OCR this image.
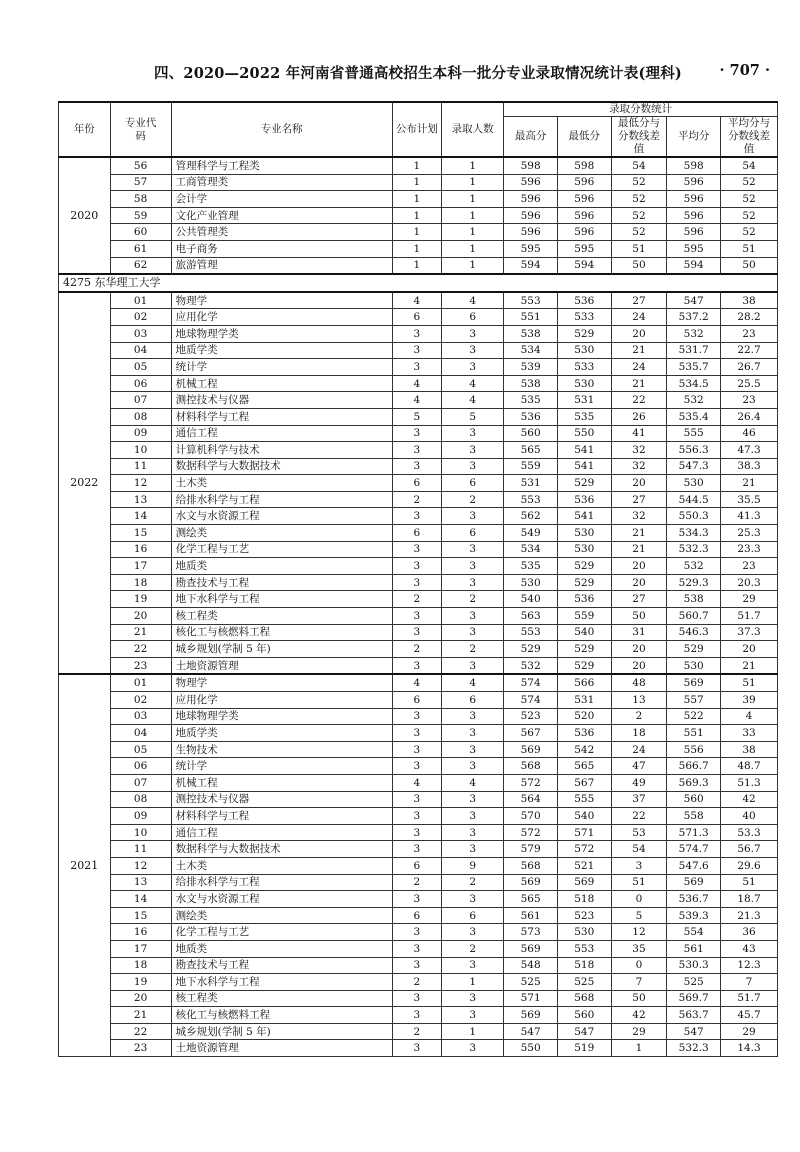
四、2020—2022 年河南省普通高校招生本科一批分专业录取情况统计表(理科)	· 707 ·
年份	专业代码	专业名称	公布计划	录取人数	录取分数统计				
					最高分	最低分	最低分与分数线差值	平均分	平均分与分数线差值
2020	56	管理科学与工程类	1	1	598	598	54	598	54
	57	工商管理类	1	1	596	596	52	596	52
	58	会计学	1	1	596	596	52	596	52
	59	文化产业管理	1	1	596	596	52	596	52
	60	公共管理类	1	1	596	596	52	596	52
	61	电子商务	1	1	595	595	51	595	51
	62	旅游管理	1	1	594	594	50	594	50
4275 东华理工大学									
2022	01	物理学	4	4	553	536	27	547	38
	02	应用化学	6	6	551	533	24	537.2	28.2
	03	地球物理学类	3	3	538	529	20	532	23
	04	地质学类	3	3	534	530	21	531.7	22.7
	05	统计学	3	3	539	533	24	535.7	26.7
	06	机械工程	4	4	538	530	21	534.5	25.5
	07	测控技术与仪器	4	4	535	531	22	532	23
	08	材料科学与工程	5	5	536	535	26	535.4	26.4
	09	通信工程	3	3	560	550	41	555	46
	10	计算机科学与技术	3	3	565	541	32	556.3	47.3
	11	数据科学与大数据技术	3	3	559	541	32	547.3	38.3
	12	土木类	6	6	531	529	20	530	21
	13	给排水科学与工程	2	2	553	536	27	544.5	35.5
	14	水文与水资源工程	3	3	562	541	32	550.3	41.3
	15	测绘类	6	6	549	530	21	534.3	25.3
	16	化学工程与工艺	3	3	534	530	21	532.3	23.3
	17	地质类	3	3	535	529	20	532	23
	18	勘查技术与工程	3	3	530	529	20	529.3	20.3
	19	地下水科学与工程	2	2	540	536	27	538	29
	20	核工程类	3	3	563	559	50	560.7	51.7
	21	核化工与核燃料工程	3	3	553	540	31	546.3	37.3
	22	城乡规划(学制 5 年)	2	2	529	529	20	529	20
	23	土地资源管理	3	3	532	529	20	530	21
2021	01	物理学	4	4	574	566	48	569	51
	02	应用化学	6	6	574	531	13	557	39
	03	地球物理学类	3	3	523	520	2	522	4
	04	地质学类	3	3	567	536	18	551	33
	05	生物技术	3	3	569	542	24	556	38
	06	统计学	3	3	568	565	47	566.7	48.7
	07	机械工程	4	4	572	567	49	569.3	51.3
	08	测控技术与仪器	3	3	564	555	37	560	42
	09	材料科学与工程	3	3	570	540	22	558	40
	10	通信工程	3	3	572	571	53	571.3	53.3
	11	数据科学与大数据技术	3	3	579	572	54	574.7	56.7
	12	土木类	6	9	568	521	3	547.6	29.6
	13	给排水科学与工程	2	2	569	569	51	569	51
	14	水文与水资源工程	3	3	565	518	0	536.7	18.7
	15	测绘类	6	6	561	523	5	539.3	21.3
	16	化学工程与工艺	3	3	573	530	12	554	36
	17	地质类	3	2	569	553	35	561	43
	18	勘查技术与工程	3	3	548	518	0	530.3	12.3
	19	地下水科学与工程	2	1	525	525	7	525	7
	20	核工程类	3	3	571	568	50	569.7	51.7
	21	核化工与核燃料工程	3	3	569	560	42	563.7	45.7
	22	城乡规划(学制 5 年)	2	1	547	547	29	547	29
	23	土地资源管理	3	3	550	519	1	532.3	14.3
